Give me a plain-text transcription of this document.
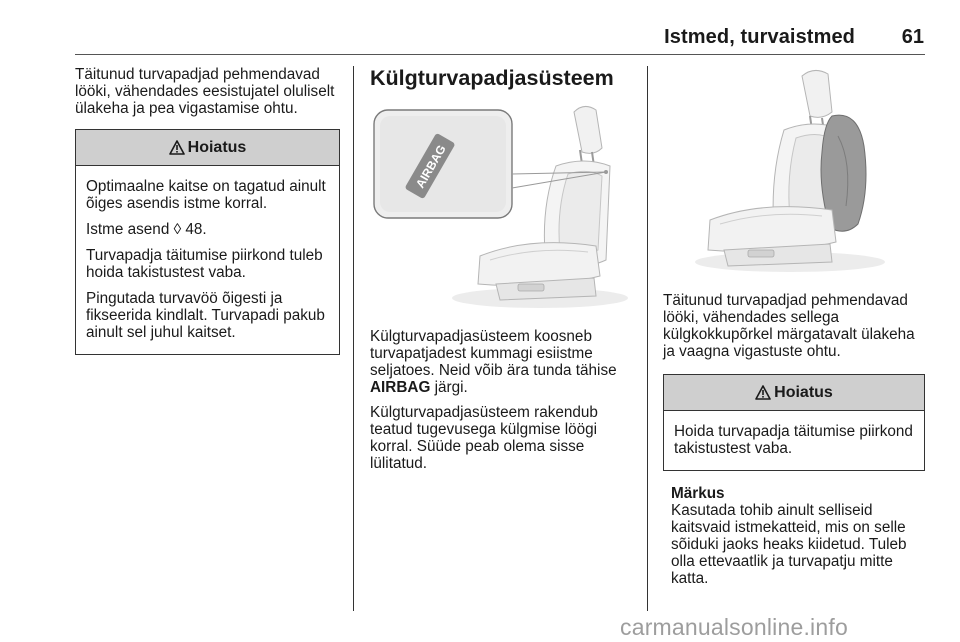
Istmed, turvaistmed	61

Täitunud turvapadjad pehmendavad lööki, vähendades eesistujatel oluliselt ülakeha ja pea vigastamise ohtu.

Hoiatus

Optimaalne kaitse on tagatud ainult õiges asendis istme korral.

Istme asend ◊ 48.

Turvapadja täitumise piirkond tuleb hoida takistustest vaba.

Pingutada turvavöö õigesti ja fikseerida kindlalt. Turvapadi pakub ainult sel juhul kaitset.

Külgturvapadjasüsteem
AIRBAG

Külgturvapadjasüsteem koosneb turvapatjadest kummagi esiistme seljatoes. Neid võib ära tunda tähise AIRBAG järgi.

Külgturvapadjasüsteem rakendub teatud tugevusega külgmise löögi korral. Süüde peab olema sisse lülitatud.

Täitunud turvapadjad pehmendavad lööki, vähendades sellega külgkokkupõrkel märgatavalt ülakeha ja vaagna vigastuste ohtu.

Hoiatus

Hoida turvapadja täitumise piirkond takistustest vaba.

Märkus
Kasutada tohib ainult selliseid kaitsvaid istmekatteid, mis on selle sõiduki jaoks heaks kiidetud. Tuleb olla ettevaatlik ja turvapatju mitte katta.
carmanualsonline.info
